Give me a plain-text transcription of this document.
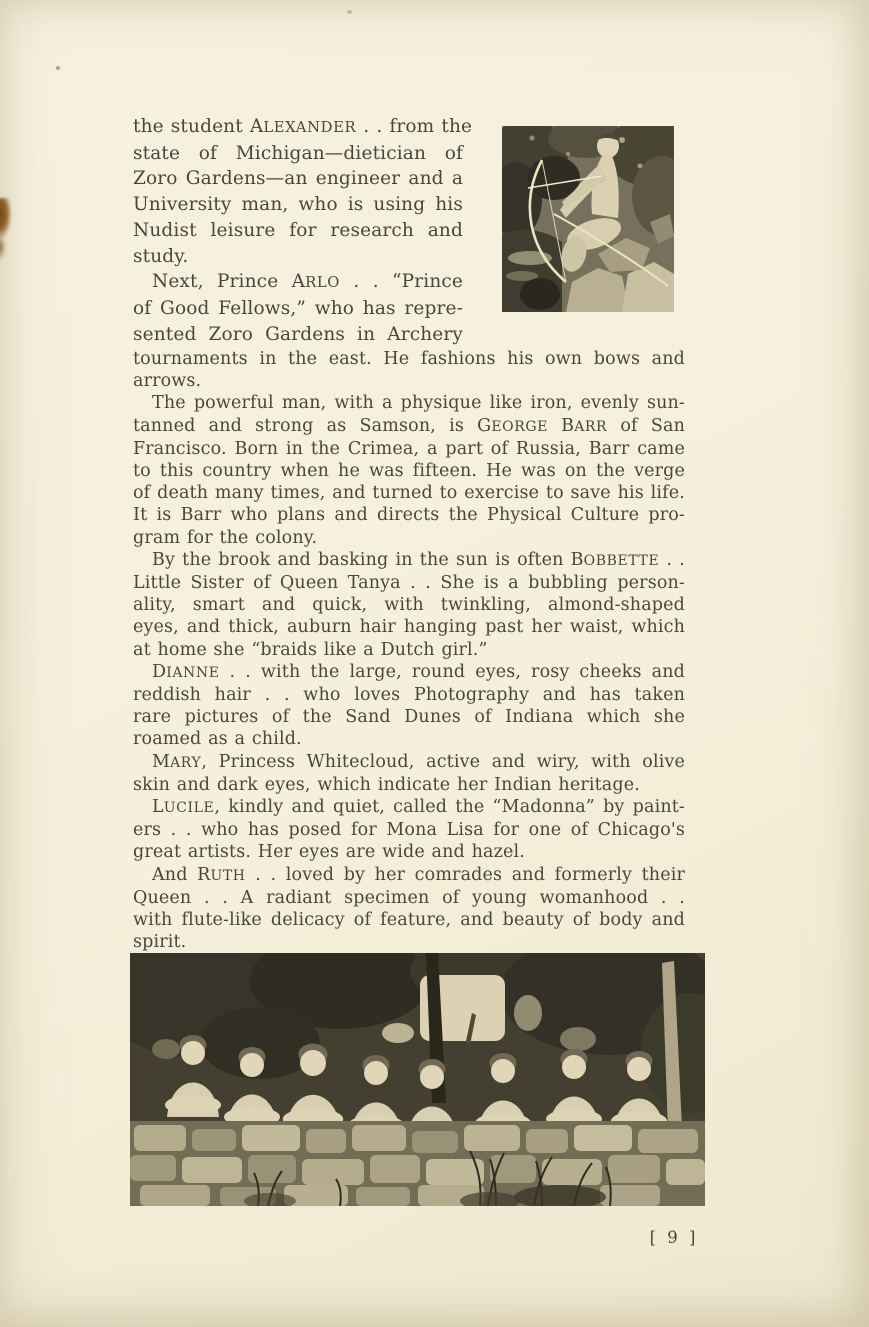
the student ALEXANDER . . from the
state of Michigan—dietician of
Zoro Gardens—an engineer and a
University man, who is using his
Nudist leisure for research and
study.
Next, Prince ARLO . . “Prince
of Good Fellows,” who has repre-
sented Zoro Gardens in Archery
tournaments in the east. He fashions his own bows and
arrows.
The powerful man, with a physique like iron, evenly sun-
tanned and strong as Samson, is GEORGE BARR of San
Francisco. Born in the Crimea, a part of Russia, Barr came
to this country when he was fifteen. He was on the verge
of death many times, and turned to exercise to save his life.
It is Barr who plans and directs the Physical Culture pro-
gram for the colony.
By the brook and basking in the sun is often BOBBETTE . .
Little Sister of Queen Tanya . . She is a bubbling person-
ality, smart and quick, with twinkling, almond-shaped
eyes, and thick, auburn hair hanging past her waist, which
at home she “braids like a Dutch girl.”
DIANNE . . with the large, round eyes, rosy cheeks and
reddish hair . . who loves Photography and has taken
rare pictures of the Sand Dunes of Indiana which she
roamed as a child.
MARY, Princess Whitecloud, active and wiry, with olive
skin and dark eyes, which indicate her Indian heritage.
LUCILE, kindly and quiet, called the “Madonna” by paint-
ers . . who has posed for Mona Lisa for one of Chicago's
great artists. Her eyes are wide and hazel.
And RUTH . . loved by her comrades and formerly their
Queen . . A radiant specimen of young womanhood . .
with flute-like delicacy of feature, and beauty of body and
spirit.
[ 9 ]
